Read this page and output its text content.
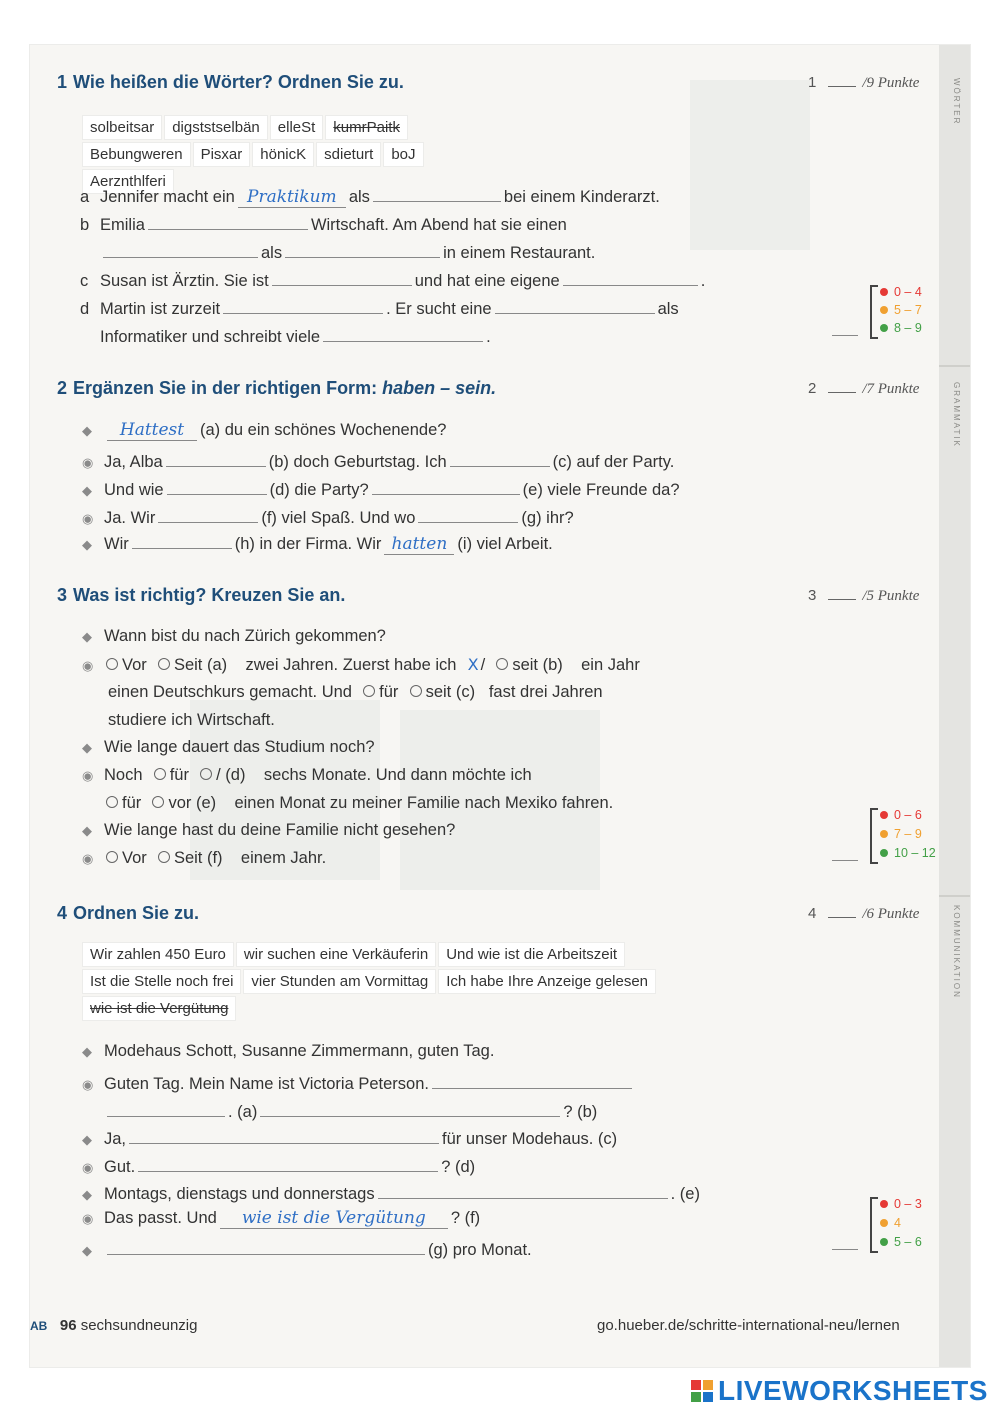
WÖRTER
GRAMMATIK
KOMMUNIKATION
1 Wie heißen die Wörter? Ordnen Sie zu.	1	/9 Punkte
solbeitsar	digststselbän	elleSt	kumrPaitk
Bebungweren	Pisxar	hönicK	sdieturt	boJ
Aerznthlferi
a Jennifer macht ein Praktikum als	bei einem Kinderarzt.
b Emilia	Wirtschaft. Am Abend hat sie einen
als	in einem Restaurant.
c Susan ist Ärztin. Sie ist	und hat eine eigene	.
d Martin ist zurzeit	. Er sucht eine	als
Informatiker und schreibt viele	.
0 – 4
5 – 7
8 – 9
2 Ergänzen Sie in der richtigen Form: haben – sein.	2	/7 Punkte
◆ Hattest (a) du ein schönes Wochenende?
◉ Ja, Alba	(b) doch Geburtstag. Ich	(c) auf der Party.
◆ Und wie	(d) die Party?	(e) viele Freunde da?
◉ Ja. Wir	(f) viel Spaß. Und wo	(g) ihr?
◆ Wir	(h) in der Firma. Wir hatten (i) viel Arbeit.
3 Was ist richtig? Kreuzen Sie an.	3	/5 Punkte
◆ Wann bist du nach Zürich gekommen?
◉ Vor Seit (a) zwei Jahren. Zuerst habe ich X / seit (b) ein Jahr
einen Deutschkurs gemacht. Und für seit (c) fast drei Jahren
studiere ich Wirtschaft.
◆ Wie lange dauert das Studium noch?
◉ Noch für / (d) sechs Monate. Und dann möchte ich
für vor (e) einen Monat zu meiner Familie nach Mexiko fahren.
◆ Wie lange hast du deine Familie nicht gesehen?
◉ Vor Seit (f) einem Jahr.
0 – 6
7 – 9
10 – 12
4 Ordnen Sie zu.	4	/6 Punkte
Wir zahlen 450 Euro	wir suchen eine Verkäuferin	Und wie ist die Arbeitszeit
Ist die Stelle noch frei	vier Stunden am Vormittag	Ich habe Ihre Anzeige gelesen
wie ist die Vergütung
◆ Modehaus Schott, Susanne Zimmermann, guten Tag.
◉ Guten Tag. Mein Name ist Victoria Peterson.
. (a)	? (b)
◆ Ja,	für unser Modehaus. (c)
◉ Gut.	? (d)
◆ Montags, dienstags und donnerstags	. (e)
◉ Das passt. Und wie ist die Vergütung ? (f)
◆	(g) pro Monat.
0 – 3
4
5 – 6
AB 96 sechsundneunzig	go.hueber.de/schritte-international-neu/lernen
LIVEWORKSHEETS
